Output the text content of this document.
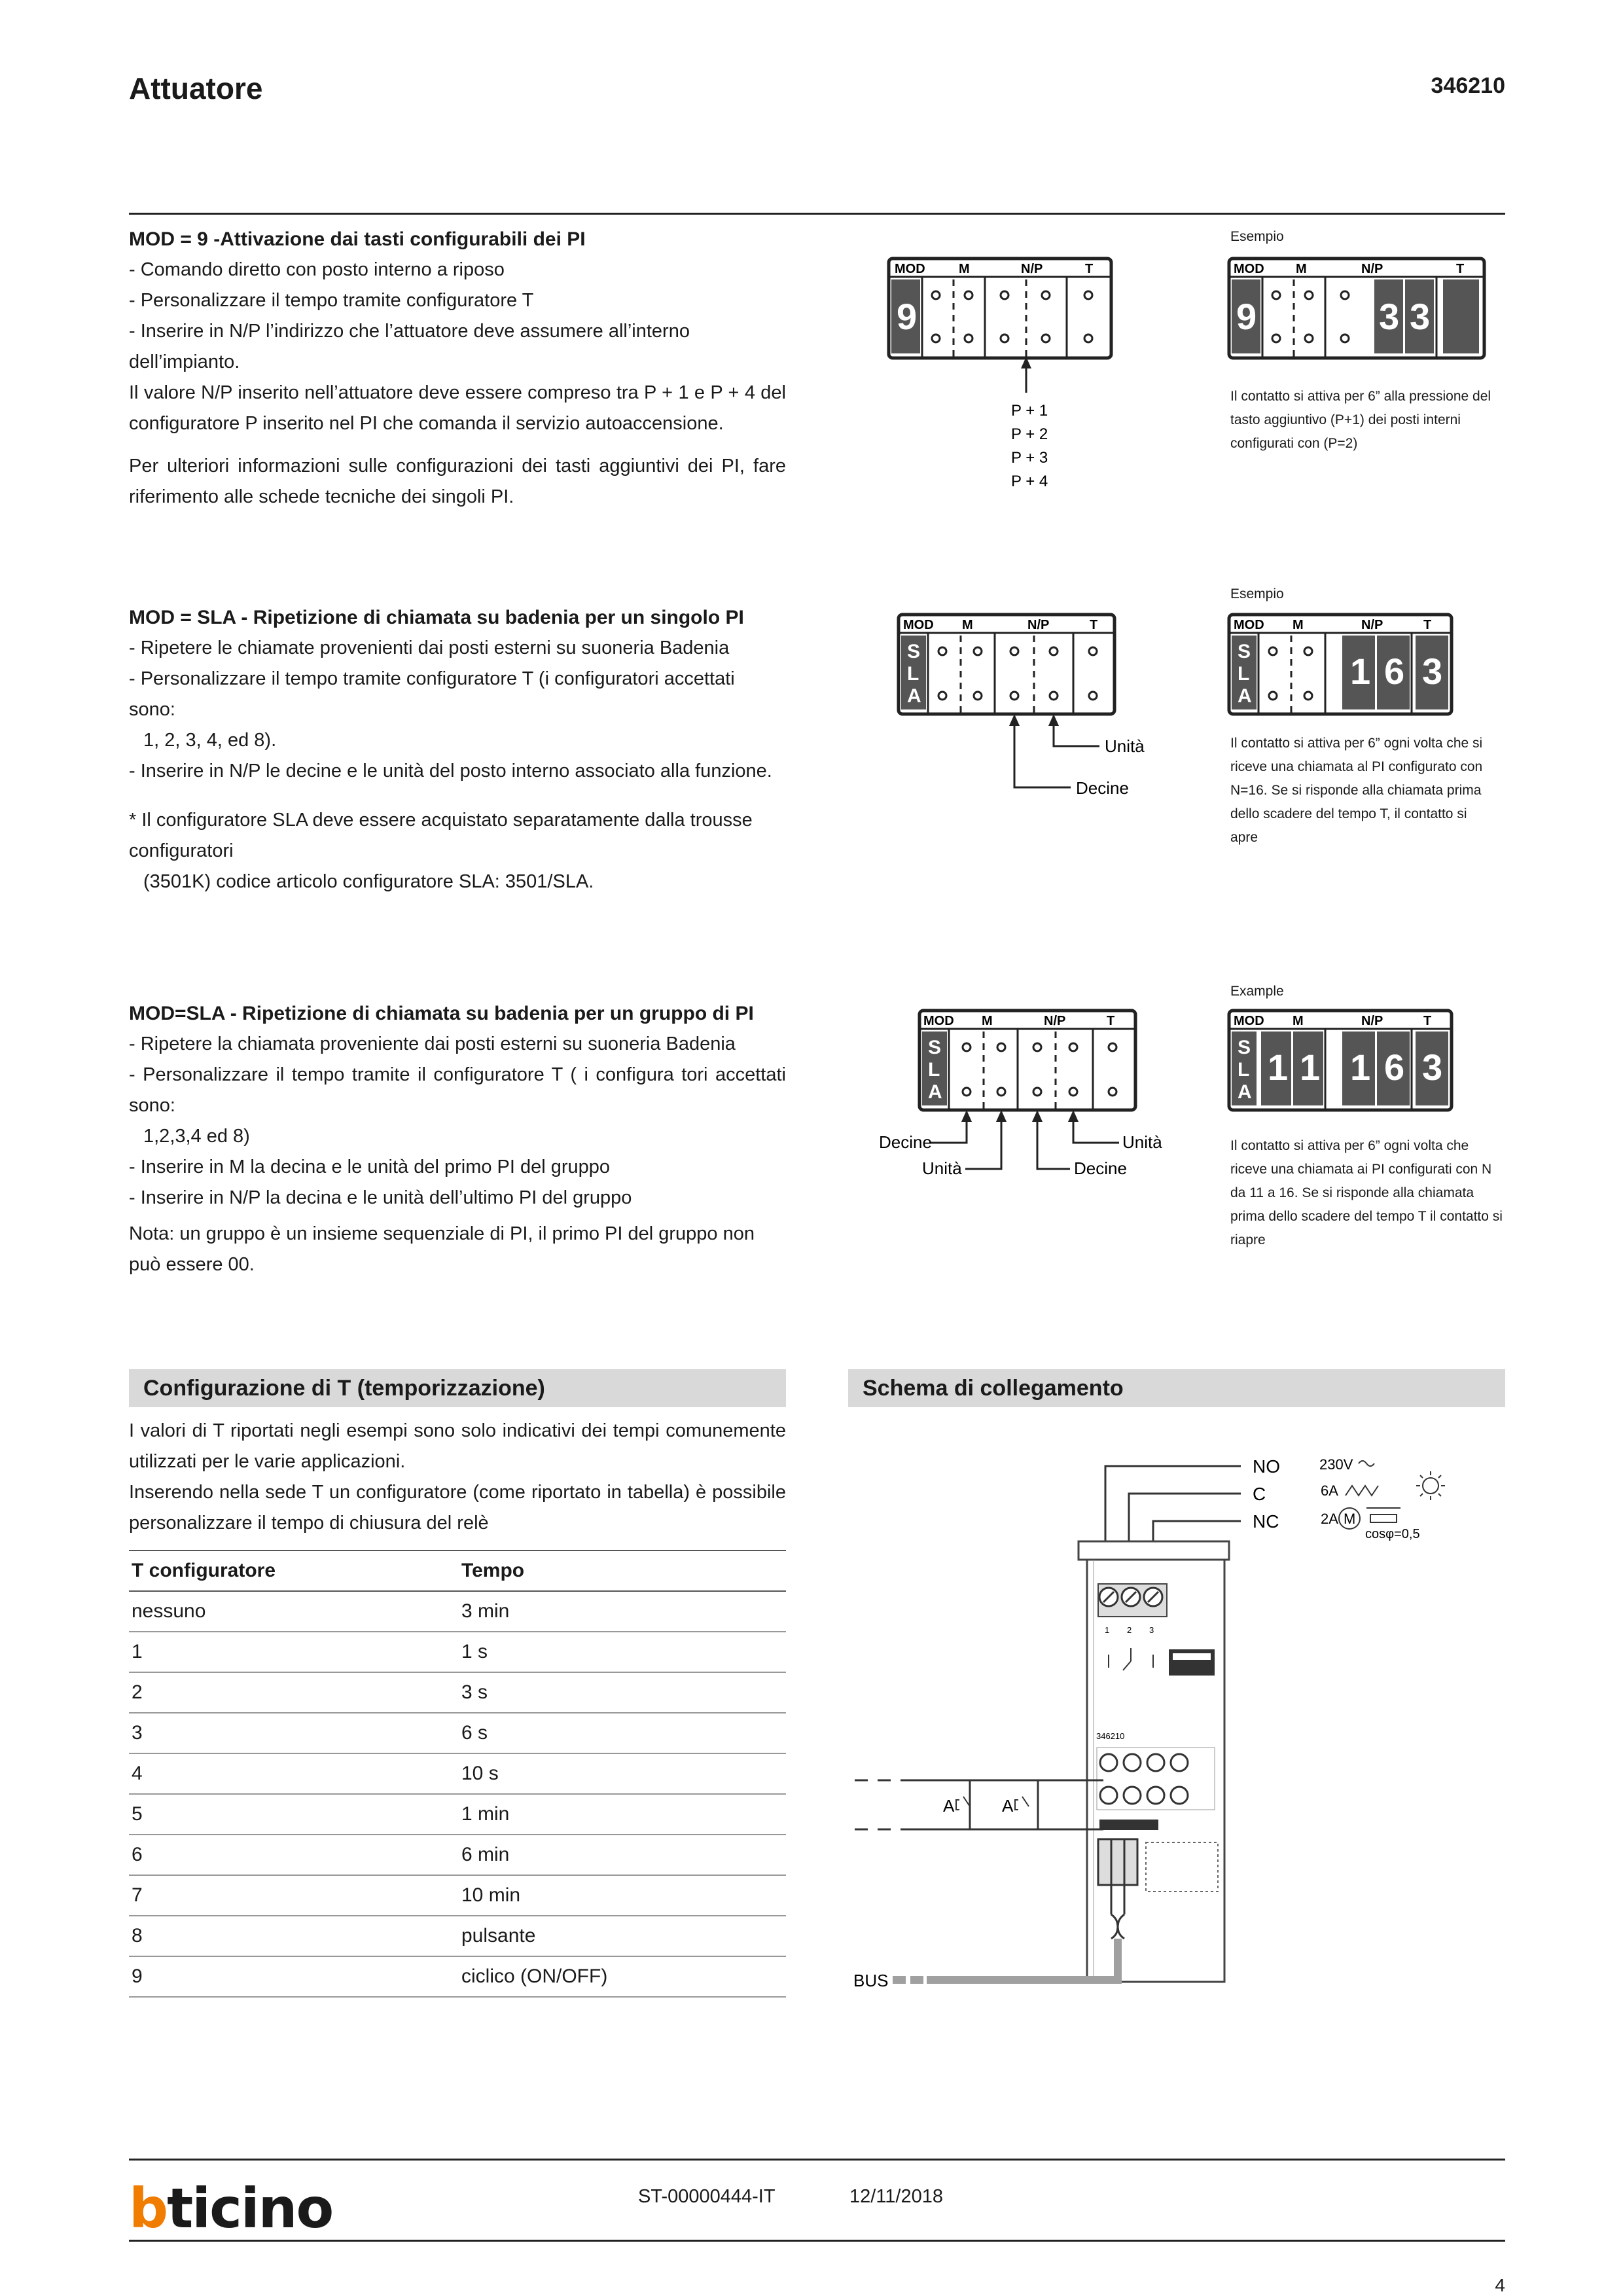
Attuatore	346210

MOD = 9 -Attivazione dai tasti configurabili dei PI

- Comando diretto con posto interno a riposo

- Personalizzare il tempo tramite configuratore T

- Inserire in N/P l’indirizzo che l’attuatore deve assumere all’interno dell’impianto.

Il valore N/P inserito nell’attuatore deve essere compreso tra P + 1 e P + 4 del configuratore P inserito nel PI che comanda il servizio autoaccensione.

Per ulteriori informazioni sulle configurazioni dei tasti aggiuntivi dei PI, fare riferimento alle schede tecniche dei singoli PI.

MOD	M	N/P	T
9
P + 1
P + 2
P + 3
P + 4
Esempio
MOD M	N/P	T
9	3 3
Il contatto si attiva per 6” alla pressione del tasto aggiuntivo (P+1) dei posti interni configurati con (P=2)

MOD = SLA - Ripetizione di chiamata su badenia per un singolo PI

- Ripetere le chiamate provenienti dai posti esterni su suoneria Badenia

- Personalizzare il tempo tramite configuratore T (i configuratori accettati sono:

1, 2, 3, 4, ed 8).

- Inserire in N/P le decine e le unità del posto interno associato alla funzione.

* Il configuratore SLA deve essere acquistato separatamente dalla trousse configuratori

(3501K) codice articolo configuratore SLA: 3501/SLA.

MOD M	N/P	T
S
L
A
Unità
Decine
Esempio
MOD M	N/P	T
S
L
A
1 6 3
Il contatto si attiva per 6” ogni volta che si riceve una chiamata al PI configurato con N=16. Se si risponde alla chiamata prima dello scadere del tempo T, il contatto si apre

MOD=SLA - Ripetizione di chiamata su badenia per un gruppo di PI

- Ripetere la chiamata proveniente dai posti esterni su suoneria Badenia

- Personalizzare il tempo tramite il configuratore T ( i configura tori accettati sono:

1,2,3,4 ed 8)

- Inserire in M la decina e le unità del primo PI del gruppo

- Inserire in N/P la decina e le unità dell’ultimo PI del gruppo

Nota: un gruppo è un insieme sequenziale di PI, il primo PI del gruppo non può essere 00.

MOD M	N/P	T
S
L
A
Decine
Unità	Decine
Unità
Example
MOD M	N/P	T
S
L
A
1 1 1 6 3
Il contatto si attiva per 6” ogni volta che riceve una chiamata ai PI configurati con N da 11 a 16. Se si risponde alla chiamata prima dello scadere del tempo T il contatto si riapre
Configurazione di T (temporizzazione)

I valori di T riportati negli esempi sono solo indicativi dei tempi comunemente utilizzati per le varie applicazioni.

Inserendo nella sede T un configuratore (come riportato in tabella) è possibile personalizzare il tempo di chiusura del relè

T configuratore	Tempo
nessuno	3 min
1	1 s
2	3 s
3	6 s
4	10 s
5	1 min
6	6 min
7	10 min
8	pulsante
9	ciclico (ON/OFF)
Schema di collegamento
NO
C
NC
230V
6A
2A M
cosφ=0,5
1 2 3
346210
A	A
BUS
bticino	ST-00000444-IT	12/11/2018
4
